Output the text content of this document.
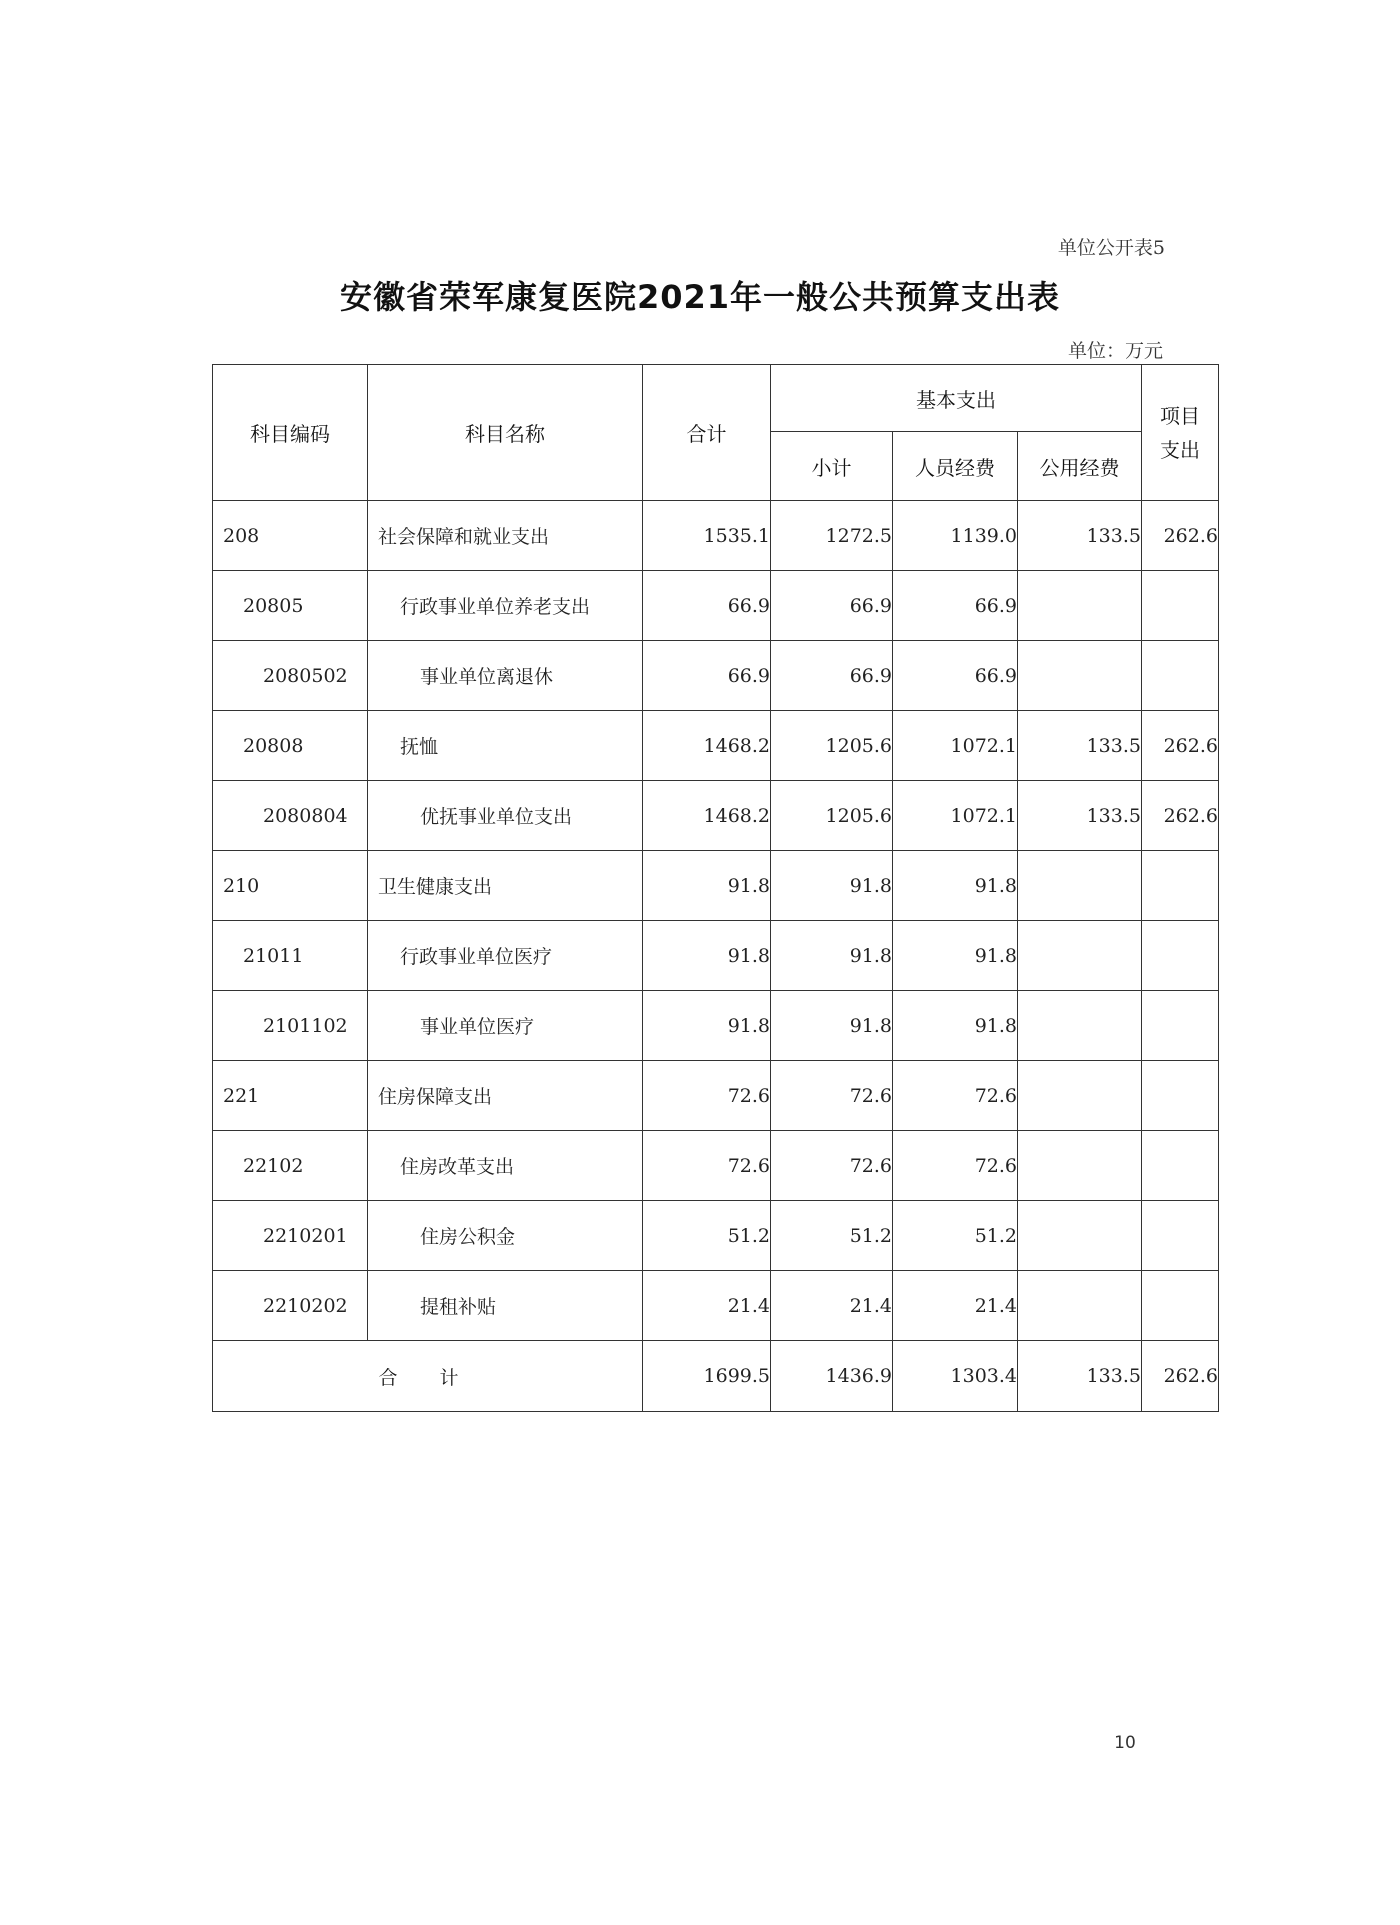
单位公开表5
安徽省荣军康复医院2021年一般公共预算支出表
单位：万元
科目编码	科目名称	合计	基本支出			项目支出
			小计	人员经费	公用经费	
208	社会保障和就业支出	1535.1	1272.5	1139.0	133.5	262.6
20805	行政事业单位养老支出	66.9	66.9	66.9		
2080502	事业单位离退休	66.9	66.9	66.9		
20808	抚恤	1468.2	1205.6	1072.1	133.5	262.6
2080804	优抚事业单位支出	1468.2	1205.6	1072.1	133.5	262.6
210	卫生健康支出	91.8	91.8	91.8		
21011	行政事业单位医疗	91.8	91.8	91.8		
2101102	事业单位医疗	91.8	91.8	91.8		
221	住房保障支出	72.6	72.6	72.6		
22102	住房改革支出	72.6	72.6	72.6		
2210201	住房公积金	51.2	51.2	51.2		
2210202	提租补贴	21.4	21.4	21.4		
合 计		1699.5	1436.9	1303.4	133.5	262.6
10
